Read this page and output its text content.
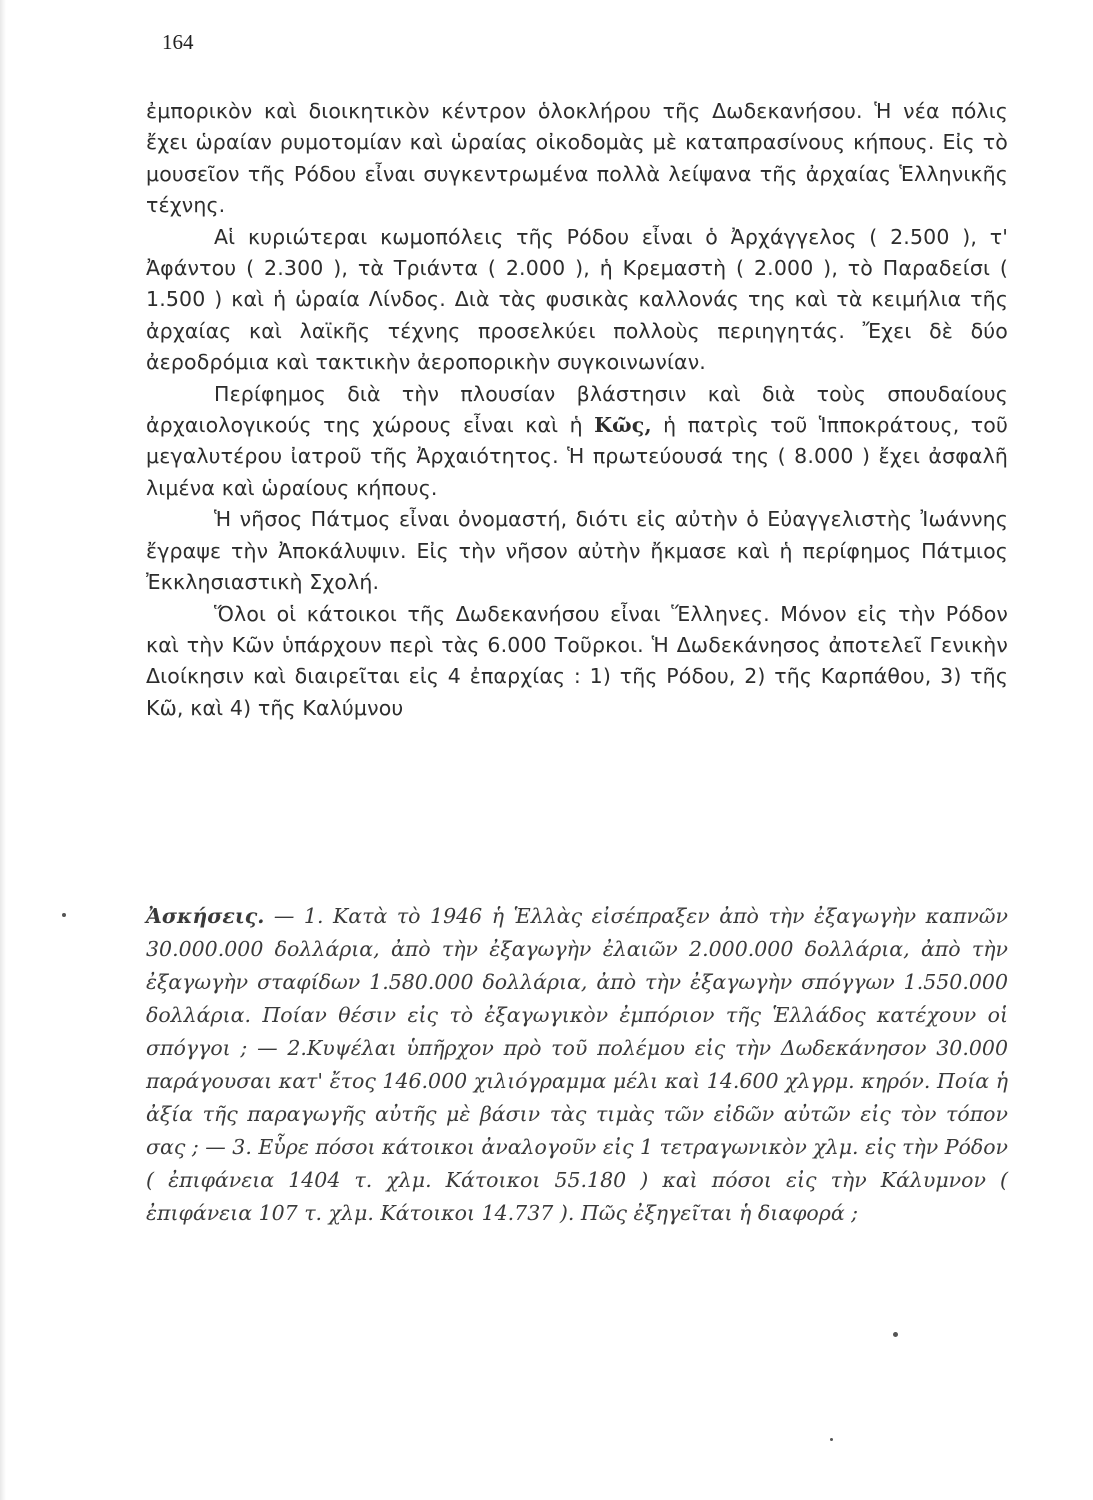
164

ἐμπορικὸν καὶ διοικητικὸν κέντρον ὁλοκλήρου τῆς Δωδεκανήσου. Ἡ νέα πόλις ἔχει ὡραίαν ρυμοτομίαν καὶ ὡραίας οἰκοδομὰς μὲ καταπρασίνους κήπους. Εἰς τὸ μουσεῖον τῆς Ρόδου εἶναι συγκεντρωμένα πολλὰ λείψανα τῆς ἀρχαίας Ἑλληνικῆς τέχνης.

Αἱ κυριώτεραι κωμοπόλεις τῆς Ρόδου εἶναι ὁ Ἀρχάγγελος ( 2.500 ), τ' Ἀφάντου ( 2.300 ), τὰ Τριάντα ( 2.000 ), ἡ Κρεμαστὴ ( 2.000 ), τὸ Παραδείσι ( 1.500 ) καὶ ἡ ὡραία Λίνδος. Διὰ τὰς φυσικὰς καλλονάς της καὶ τὰ κειμήλια τῆς ἀρχαίας καὶ λαϊκῆς τέχνης προσελκύει πολλοὺς περιηγητάς. Ἔχει δὲ δύο ἀεροδρόμια καὶ τακτικὴν ἀεροπορικὴν συγκοινωνίαν.

Περίφημος διὰ τὴν πλουσίαν βλάστησιν καὶ διὰ τοὺς σπουδαίους ἀρχαιολογικούς της χώρους εἶναι καὶ ἡ Κῶς, ἡ πατρὶς τοῦ Ἱπποκράτους, τοῦ μεγαλυτέρου ἰατροῦ τῆς Ἀρχαιότητος. Ἡ πρωτεύουσά της ( 8.000 ) ἔχει ἀσφαλῆ λιμένα καὶ ὡραίους κήπους.

Ἡ νῆσος Πάτμος εἶναι ὀνομαστή, διότι εἰς αὐτὴν ὁ Εὐαγγελιστὴς Ἰωάννης ἔγραψε τὴν Ἀποκάλυψιν. Εἰς τὴν νῆσον αὐτὴν ἤκμασε καὶ ἡ περίφημος Πάτμιος Ἐκκλησιαστικὴ Σχολή.

Ὅλοι οἱ κάτοικοι τῆς Δωδεκανήσου εἶναι Ἕλληνες. Μόνον εἰς τὴν Ρόδον καὶ τὴν Κῶν ὑπάρχουν περὶ τὰς 6.000 Τοῦρκοι. Ἡ Δωδεκάνησος ἀποτελεῖ Γενικὴν Διοίκησιν καὶ διαιρεῖται εἰς 4 ἐπαρχίας : 1) τῆς Ρόδου, 2) τῆς Καρπάθου, 3) τῆς Κῶ, καὶ 4) τῆς Καλύμνου

Ἀσκήσεις. — 1. Κατὰ τὸ 1946 ἡ Ἑλλὰς εἰσέπραξεν ἀπὸ τὴν ἐξαγωγὴν καπνῶν 30.000.000 δολλάρια, ἀπὸ τὴν ἐξαγωγὴν ἐλαιῶν 2.000.000 δολλάρια, ἀπὸ τὴν ἐξαγωγὴν σταφίδων 1.580.000 δολλάρια, ἀπὸ τὴν ἐξαγωγὴν σπόγγων 1.550.000 δολλάρια. Ποίαν θέσιν εἰς τὸ ἐξαγωγικὸν ἐμπόριον τῆς Ἑλλάδος κατέχουν οἱ σπόγγοι ; — 2.Κυψέλαι ὑπῆρχον πρὸ τοῦ πολέμου εἰς τὴν Δωδεκάνησον 30.000 παράγουσαι κατ' ἔτος 146.000 χιλιόγραμμα μέλι καὶ 14.600 χλγρμ. κηρόν. Ποία ἡ ἀξία τῆς παραγωγῆς αὐτῆς μὲ βάσιν τὰς τιμὰς τῶν εἰδῶν αὐτῶν εἰς τὸν τόπον σας ; — 3. Εὗρε πόσοι κάτοικοι ἀναλογοῦν εἰς 1 τετραγωνικὸν χλμ. εἰς τὴν Ρόδον ( ἐπιφάνεια 1404 τ. χλμ. Κάτοικοι 55.180 ) καὶ πόσοι εἰς τὴν Κάλυμνον ( ἐπιφάνεια 107 τ. χλμ. Κάτοικοι 14.737 ). Πῶς ἐξηγεῖται ἡ διαφορά ;
